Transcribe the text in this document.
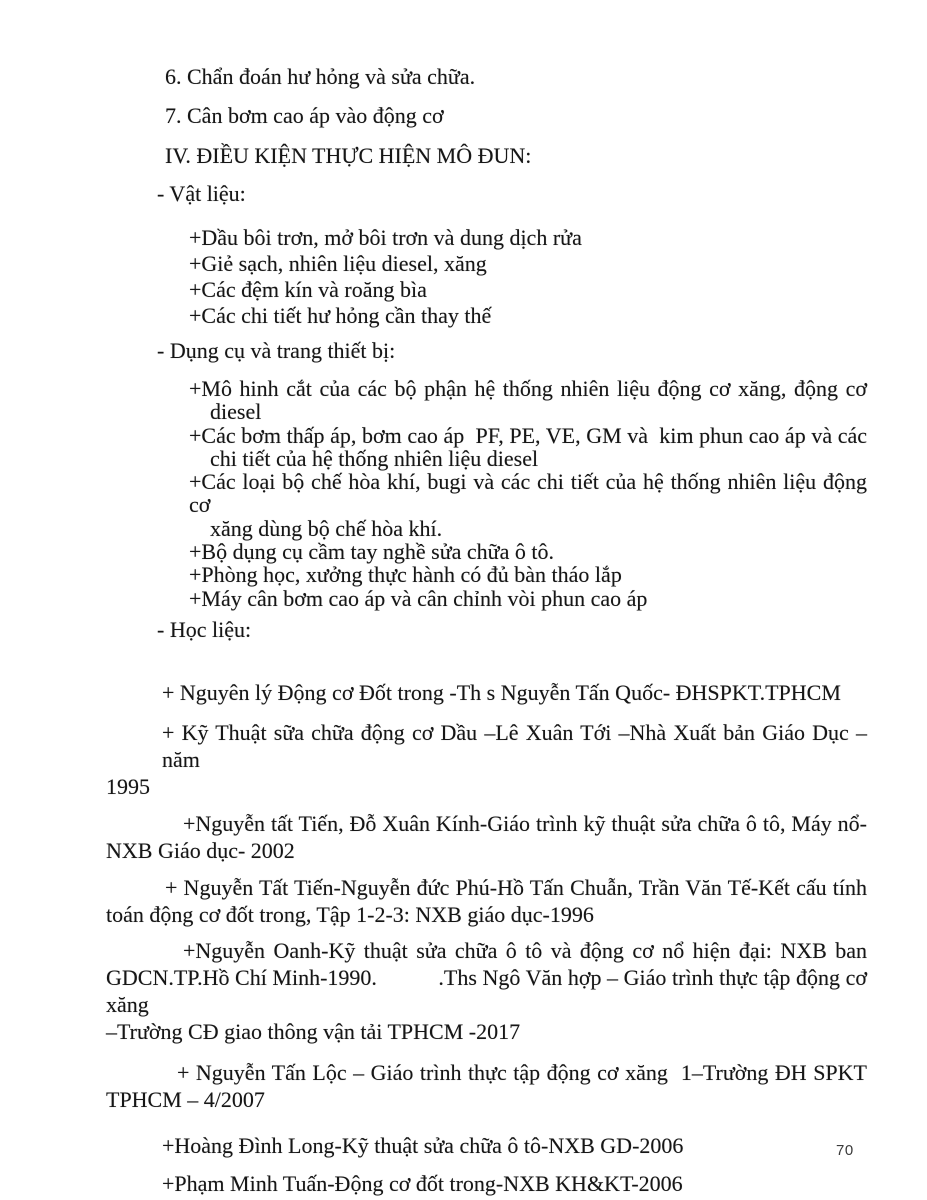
6. Chẩn đoán hư hỏng và sửa chữa.
7. Cân bơm cao áp vào động cơ
IV. ĐIỀU KIỆN THỰC HIỆN MÔ ĐUN:
- Vật liệu:
+Dầu bôi trơn, mở bôi trơn và dung dịch rửa
+Giẻ sạch, nhiên liệu diesel, xăng
+Các đệm kín và roăng bìa
+Các chi tiết hư hỏng cần thay thế
- Dụng cụ và trang thiết bị:
+Mô hinh cắt của các bộ phận hệ thống nhiên liệu động cơ xăng, động cơ
diesel
+Các bơm thấp áp, bơm cao áp  PF, PE, VE, GM và  kim phun cao áp và các
chi tiết của hệ thống nhiên liệu diesel
+Các loại bộ chế hòa khí, bugi và các chi tiết của hệ thống nhiên liệu động cơ
xăng dùng bộ chế hòa khí.
+Bộ dụng cụ cầm tay nghề sửa chữa ô tô.
+Phòng học, xưởng thực hành có đủ bàn tháo lắp
+Máy cân bơm cao áp và cân chỉnh vòi phun cao áp
- Học liệu:
+ Nguyên lý Động cơ Đốt trong -Th s Nguyễn Tấn Quốc- ĐHSPKT.TPHCM
+ Kỹ Thuật sữa chữa động cơ Dầu –Lê Xuân Tới –Nhà Xuất bản Giáo Dục – năm
1995
+Nguyễn tất Tiến, Đỗ Xuân Kính-Giáo trình kỹ thuật sửa chữa ô tô, Máy nổ-
NXB Giáo dục- 2002
+ Nguyễn Tất Tiến-Nguyễn đức Phú-Hồ Tấn Chuẫn, Trần Văn Tế-Kết cấu tính
toán động cơ đốt trong, Tập 1-2-3: NXB giáo dục-1996
+Nguyễn Oanh-Kỹ thuật sửa chữa ô tô và động cơ nổ hiện đại: NXB ban
GDCN.TP.Hồ Chí Minh-1990.           .Ths Ngô Văn hợp – Giáo trình thực tập động cơ xăng
–Trường CĐ giao thông vận tải TPHCM -2017
+ Nguyễn Tấn Lộc – Giáo trình thực tập động cơ xăng  1–Trường ĐH SPKT
TPHCM – 4/2007
+Hoàng Đình Long-Kỹ thuật sửa chữa ô tô-NXB GD-2006
+Phạm Minh Tuấn-Động cơ đốt trong-NXB KH&KT-2006
70
